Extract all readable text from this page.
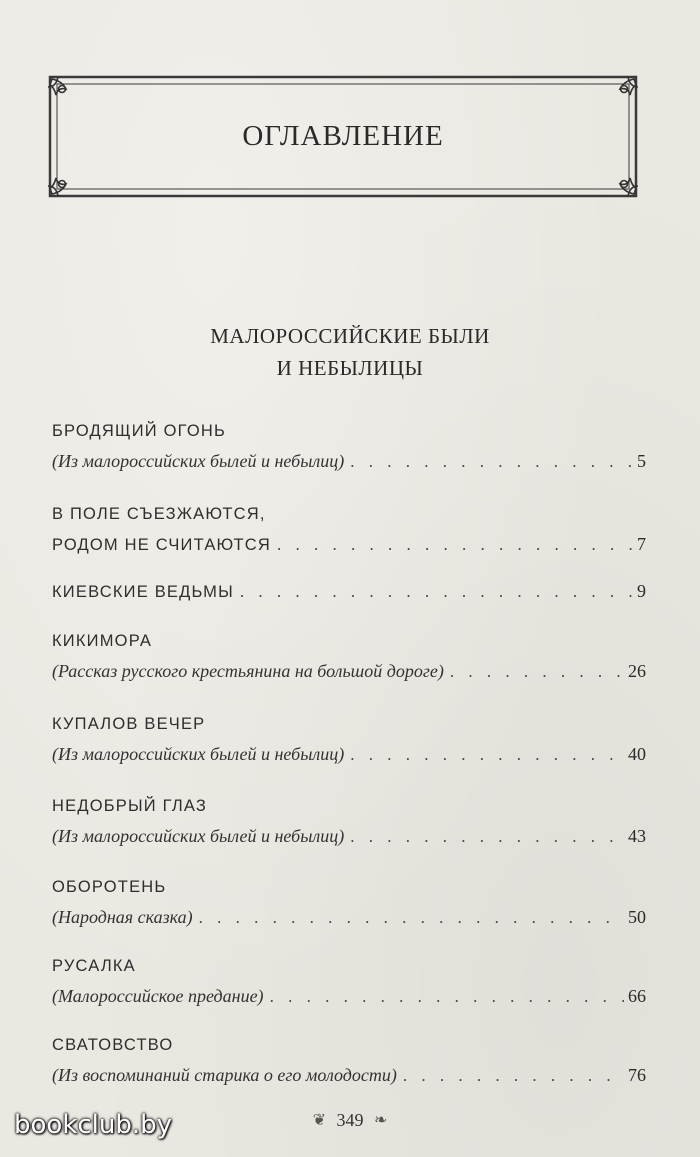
ОГЛАВЛЕНИЕ
МАЛОРОССИЙСКИЕ БЫЛИ
И НЕБЫЛИЦЫ
БРОДЯЩИЙ ОГОНЬ
(Из малороссийских былей и небылиц) . . .	5
В ПОЛЕ СЪЕЗЖАЮТСЯ,
РОДОМ НЕ СЧИТАЮТСЯ . . .	7
КИЕВСКИЕ ВЕДЬМЫ . . .	9
КИКИМОРА
(Рассказ русского крестьянина на большой дороге) . . .	26
КУПАЛОВ ВЕЧЕР
(Из малороссийских былей и небылиц) . . .	40
НЕДОБРЫЙ ГЛАЗ
(Из малороссийских былей и небылиц) . . .	43
ОБОРОТЕНЬ
(Народная сказка) . . .	50
РУСАЛКА
(Малороссийское предание) . . .	66
СВАТОВСТВО
(Из воспоминаний старика о его молодости) . . .	76
❦ 349 ❧
bookclub.by
